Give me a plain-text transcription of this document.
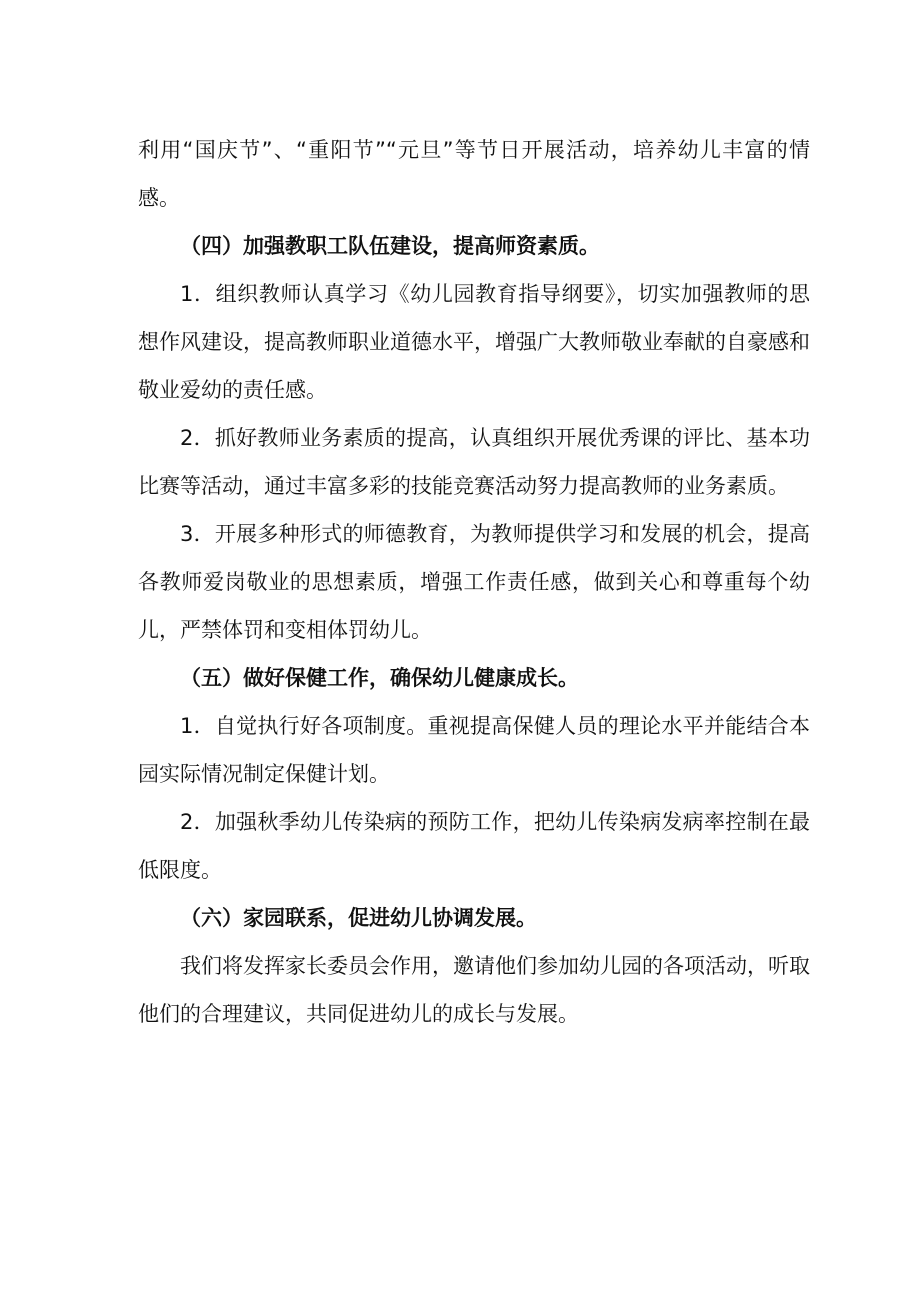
利用“国庆节”、“重阳节”“元旦”等节日开展活动，培养幼儿丰富的情感。

（四）加强教职工队伍建设，提高师资素质。

1．组织教师认真学习《幼儿园教育指导纲要》，切实加强教师的思想作风建设，提高教师职业道德水平，增强广大教师敬业奉献的自豪感和敬业爱幼的责任感。

2．抓好教师业务素质的提高，认真组织开展优秀课的评比、基本功比赛等活动，通过丰富多彩的技能竞赛活动努力提高教师的业务素质。

3．开展多种形式的师德教育，为教师提供学习和发展的机会，提高各教师爱岗敬业的思想素质，增强工作责任感，做到关心和尊重每个幼儿，严禁体罚和变相体罚幼儿。

（五）做好保健工作，确保幼儿健康成长。

1．自觉执行好各项制度。重视提高保健人员的理论水平并能结合本园实际情况制定保健计划。

2．加强秋季幼儿传染病的预防工作，把幼儿传染病发病率控制在最低限度。

（六）家园联系，促进幼儿协调发展。

我们将发挥家长委员会作用，邀请他们参加幼儿园的各项活动，听取他们的合理建议，共同促进幼儿的成长与发展。
